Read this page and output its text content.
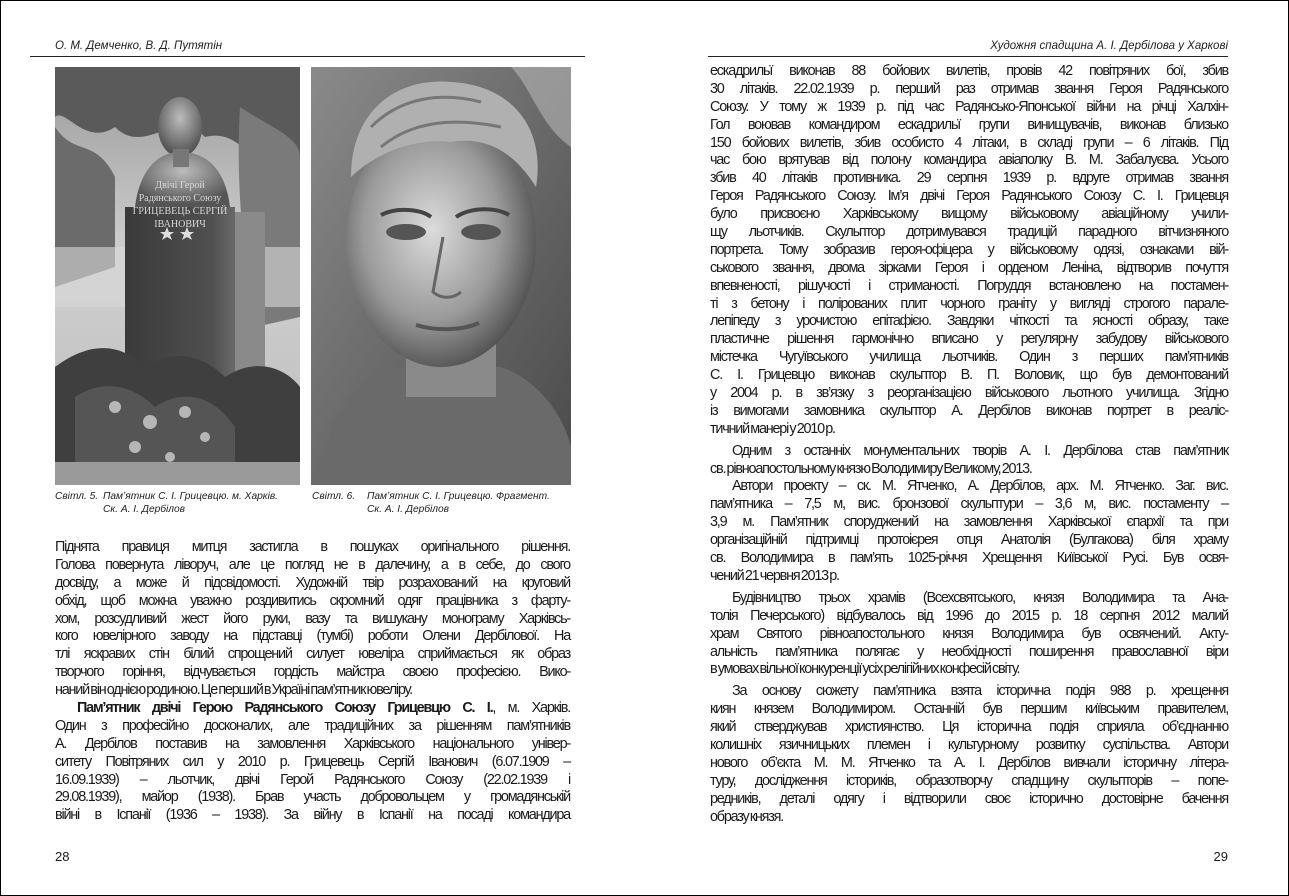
О. М. Демченко, В. Д. Путятін
Двічі Герой Радянського Союзу ГРИЦЕВЕЦЬ СЕРГІЙ ІВАНОВИЧ
Світл. 5. Пам’ятник С. І. Грицевцю. м. Харків.
Ск. А. І. Дербілов
Світл. 6. Пам’ятник С. І. Грицевцю. Фрагмент.
Ск. А. І. Дербілов
Піднята правиця митця застигла в пошуках оригінального рішення.
Голова повернута ліворуч, але це погляд не в далечину, а в себе, до свого
досвіду, а може й підсвідомості. Художній твір розрахований на круговий
обхід, щоб можна уважно роздивитись скромний одяг працівника з фарту-
хом, розсудливий жест його руки, вазу та вишукану монограму Харківсь-
кого ювелірного заводу на підставці (тумбі) роботи Олени Дербілової. На
тлі яскравих стін білий спрощений силует ювеліра сприймається як образ
творчого горіння, відчувається гордість майстра своєю професією. Вико-
наний він однією родиною. Це перший в Україні пам’ятник ювеліру.
Пам’ятник двічі Герою Радянського Союзу Грицевцю С. І., м. Харків.
Один з професійно досконалих, але традиційних за рішенням пам’ятників
А. Дербілов поставив на замовлення Харківського національного універ-
ситету Повітряних сил у 2010 р. Грицевець Сергій Іванович (6.07.1909 –
16.09.1939) – льотчик, двічі Герой Радянського Союзу (22.02.1939 і
29.08.1939), майор (1938). Брав участь добровольцем у громадянській
війні в Іспанії (1936 – 1938). За війну в Іспанії на посаді командира
28
Художня спадщина А. І. Дербілова у Харкові
ескадрильї виконав 88 бойових вилетів, провів 42 повітряних бої, збив
30 літаків. 22.02.1939 р. перший раз отримав звання Героя Радянського
Союзу. У тому ж 1939 р. під час Радянсько-Японської війни на річці Халхін-
Гол воював командиром ескадрильї групи винищувачів, виконав близько
150 бойових вилетів, збив особисто 4 літаки, в складі групи – 6 літаків. Під
час бою врятував від полону командира авіаполку В. М. Забалуєва. Усього
збив 40 літаків противника. 29 серпня 1939 р. вдруге отримав звання
Героя Радянського Союзу. Ім’я двічі Героя Радянського Союзу С. І. Грицевця
було присвоєно Харківському вищому військовому авіаційному учили-
щу льотчиків. Скульптор дотримувався традицій парадного вітчизняного
портрета. Тому зобразив героя-офіцера у військовому одязі, ознаками вій-
ськового звання, двома зірками Героя і орденом Леніна, відтворив почуття
впевненості, рішучості і стриманості. Погруддя встановлено на постамен-
ті з бетону і полірованих плит чорного граніту у вигляді строгого парале-
лепіпеду з урочистою епітафією. Завдяки чіткості та ясності образу, таке
пластичне рішення гармонічно вписано у регулярну забудову військового
містечка Чугуївського училища льотчиків. Один з перших пам’ятників
С. І. Грицевцю виконав скульптор В. П. Воловик, що був демонтований
у 2004 р. в зв’язку з реорганізацією військового льотного училища. Згідно
із вимогами замовника скульптор А. Дербілов виконав портрет в реаліс-
тичний манері у 2010 р.
Одним з останніх монументальних творів А. І. Дербілова став пам’ятник
св. рівноапостольному князю Володимиру Великому, 2013.
Автори проекту – ск. М. Ятченко, А. Дербілов, арх. М. Ятченко. Заг. вис.
пам’ятника – 7,5 м, вис. бронзової скульптури – 3,6 м, вис. постаменту –
3,9 м. Пам’ятник споруджений на замовлення Харківської єпархії та при
організаційній підтримці протоієрея отця Анатолія (Булгакова) біля храму
св. Володимира в пам’ять 1025-річчя Хрещення Київської Русі. Був освя-
чений 21 червня 2013 р.
Будівництво трьох храмів (Всехсвятського, князя Володимира та Ана-
толія Печерського) відбувалось від 1996 до 2015 р. 18 серпня 2012 малий
храм Святого рівноапостольного князя Володимира був освячений. Акту-
альність пам’ятника полягає у необхідності поширення православної віри
в умовах вільної конкуренції усіх релігійних конфесій світу.
За основу сюжету пам’ятника взята історична подія 988 р. хрещення
киян князем Володимиром. Останній був першим київським правителем,
який стверджував християнство. Ця історична подія сприяла об’єднанню
колишніх язичницьких племен і культурному розвитку суспільства. Автори
нового об’єкта М. М. Ятченко та А. І. Дербілов вивчали історичну літера-
туру, дослідження істориків, образотворчу спадщину скульпторів – попе-
редників, деталі одягу і відтворили своє історично достовірне бачення
образу князя.
29
